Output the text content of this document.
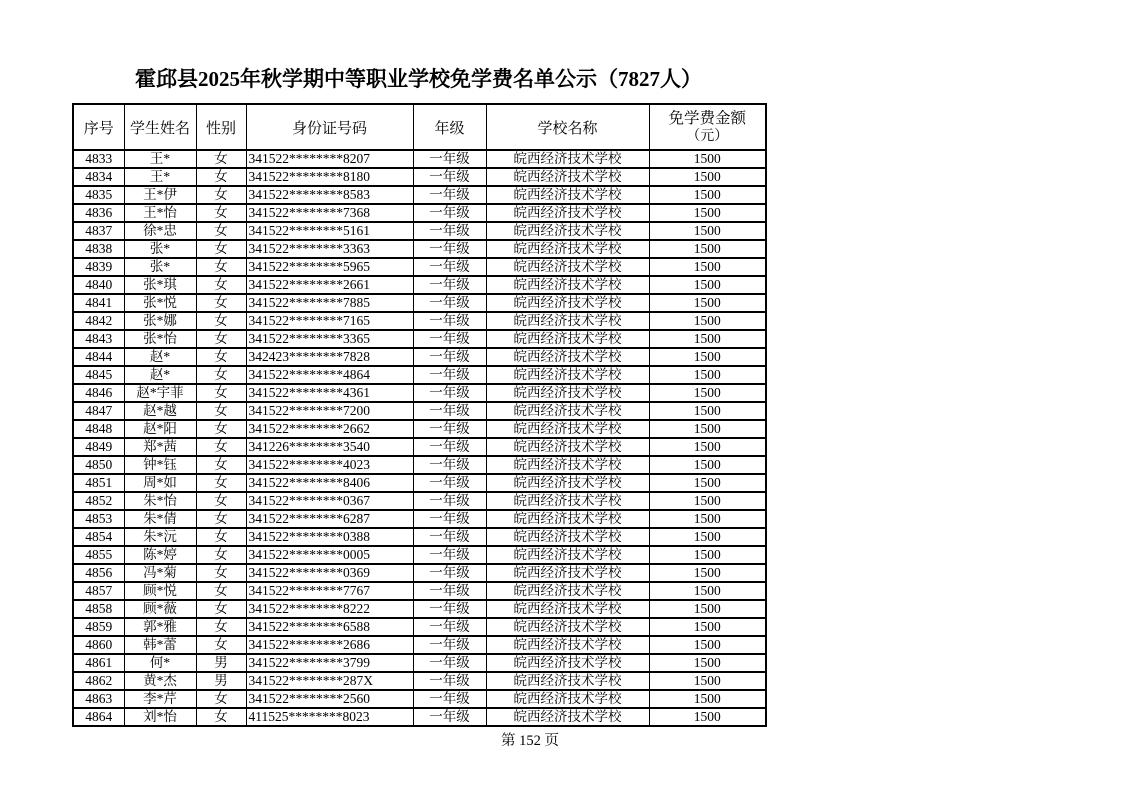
霍邱县2025年秋学期中等职业学校免学费名单公示（7827人）
序号	学生姓名	性别	身份证号码	年级	学校名称	免学费金额
（元）

4833	王*	女	341522********8207	一年级	皖西经济技术学校	1500
4834	王*	女	341522********8180	一年级	皖西经济技术学校	1500
4835	王*伊	女	341522********8583	一年级	皖西经济技术学校	1500
4836	王*怡	女	341522********7368	一年级	皖西经济技术学校	1500
4837	徐*忠	女	341522********5161	一年级	皖西经济技术学校	1500
4838	张*	女	341522********3363	一年级	皖西经济技术学校	1500
4839	张*	女	341522********5965	一年级	皖西经济技术学校	1500
4840	张*琪	女	341522********2661	一年级	皖西经济技术学校	1500
4841	张*悦	女	341522********7885	一年级	皖西经济技术学校	1500
4842	张*娜	女	341522********7165	一年级	皖西经济技术学校	1500
4843	张*怡	女	341522********3365	一年级	皖西经济技术学校	1500
4844	赵*	女	342423********7828	一年级	皖西经济技术学校	1500
4845	赵*	女	341522********4864	一年级	皖西经济技术学校	1500
4846	赵*宇菲	女	341522********4361	一年级	皖西经济技术学校	1500
4847	赵*越	女	341522********7200	一年级	皖西经济技术学校	1500
4848	赵*阳	女	341522********2662	一年级	皖西经济技术学校	1500
4849	郑*茜	女	341226********3540	一年级	皖西经济技术学校	1500
4850	钟*钰	女	341522********4023	一年级	皖西经济技术学校	1500
4851	周*如	女	341522********8406	一年级	皖西经济技术学校	1500
4852	朱*怡	女	341522********0367	一年级	皖西经济技术学校	1500
4853	朱*倩	女	341522********6287	一年级	皖西经济技术学校	1500
4854	朱*沅	女	341522********0388	一年级	皖西经济技术学校	1500
4855	陈*婷	女	341522********0005	一年级	皖西经济技术学校	1500
4856	冯*菊	女	341522********0369	一年级	皖西经济技术学校	1500
4857	顾*悦	女	341522********7767	一年级	皖西经济技术学校	1500
4858	顾*薇	女	341522********8222	一年级	皖西经济技术学校	1500
4859	郭*雅	女	341522********6588	一年级	皖西经济技术学校	1500
4860	韩*蕾	女	341522********2686	一年级	皖西经济技术学校	1500
4861	何*	男	341522********3799	一年级	皖西经济技术学校	1500
4862	黄*杰	男	341522********287X	一年级	皖西经济技术学校	1500
4863	李*芹	女	341522********2560	一年级	皖西经济技术学校	1500
4864	刘*怡	女	411525********8023	一年级	皖西经济技术学校	1500
第 152 页
